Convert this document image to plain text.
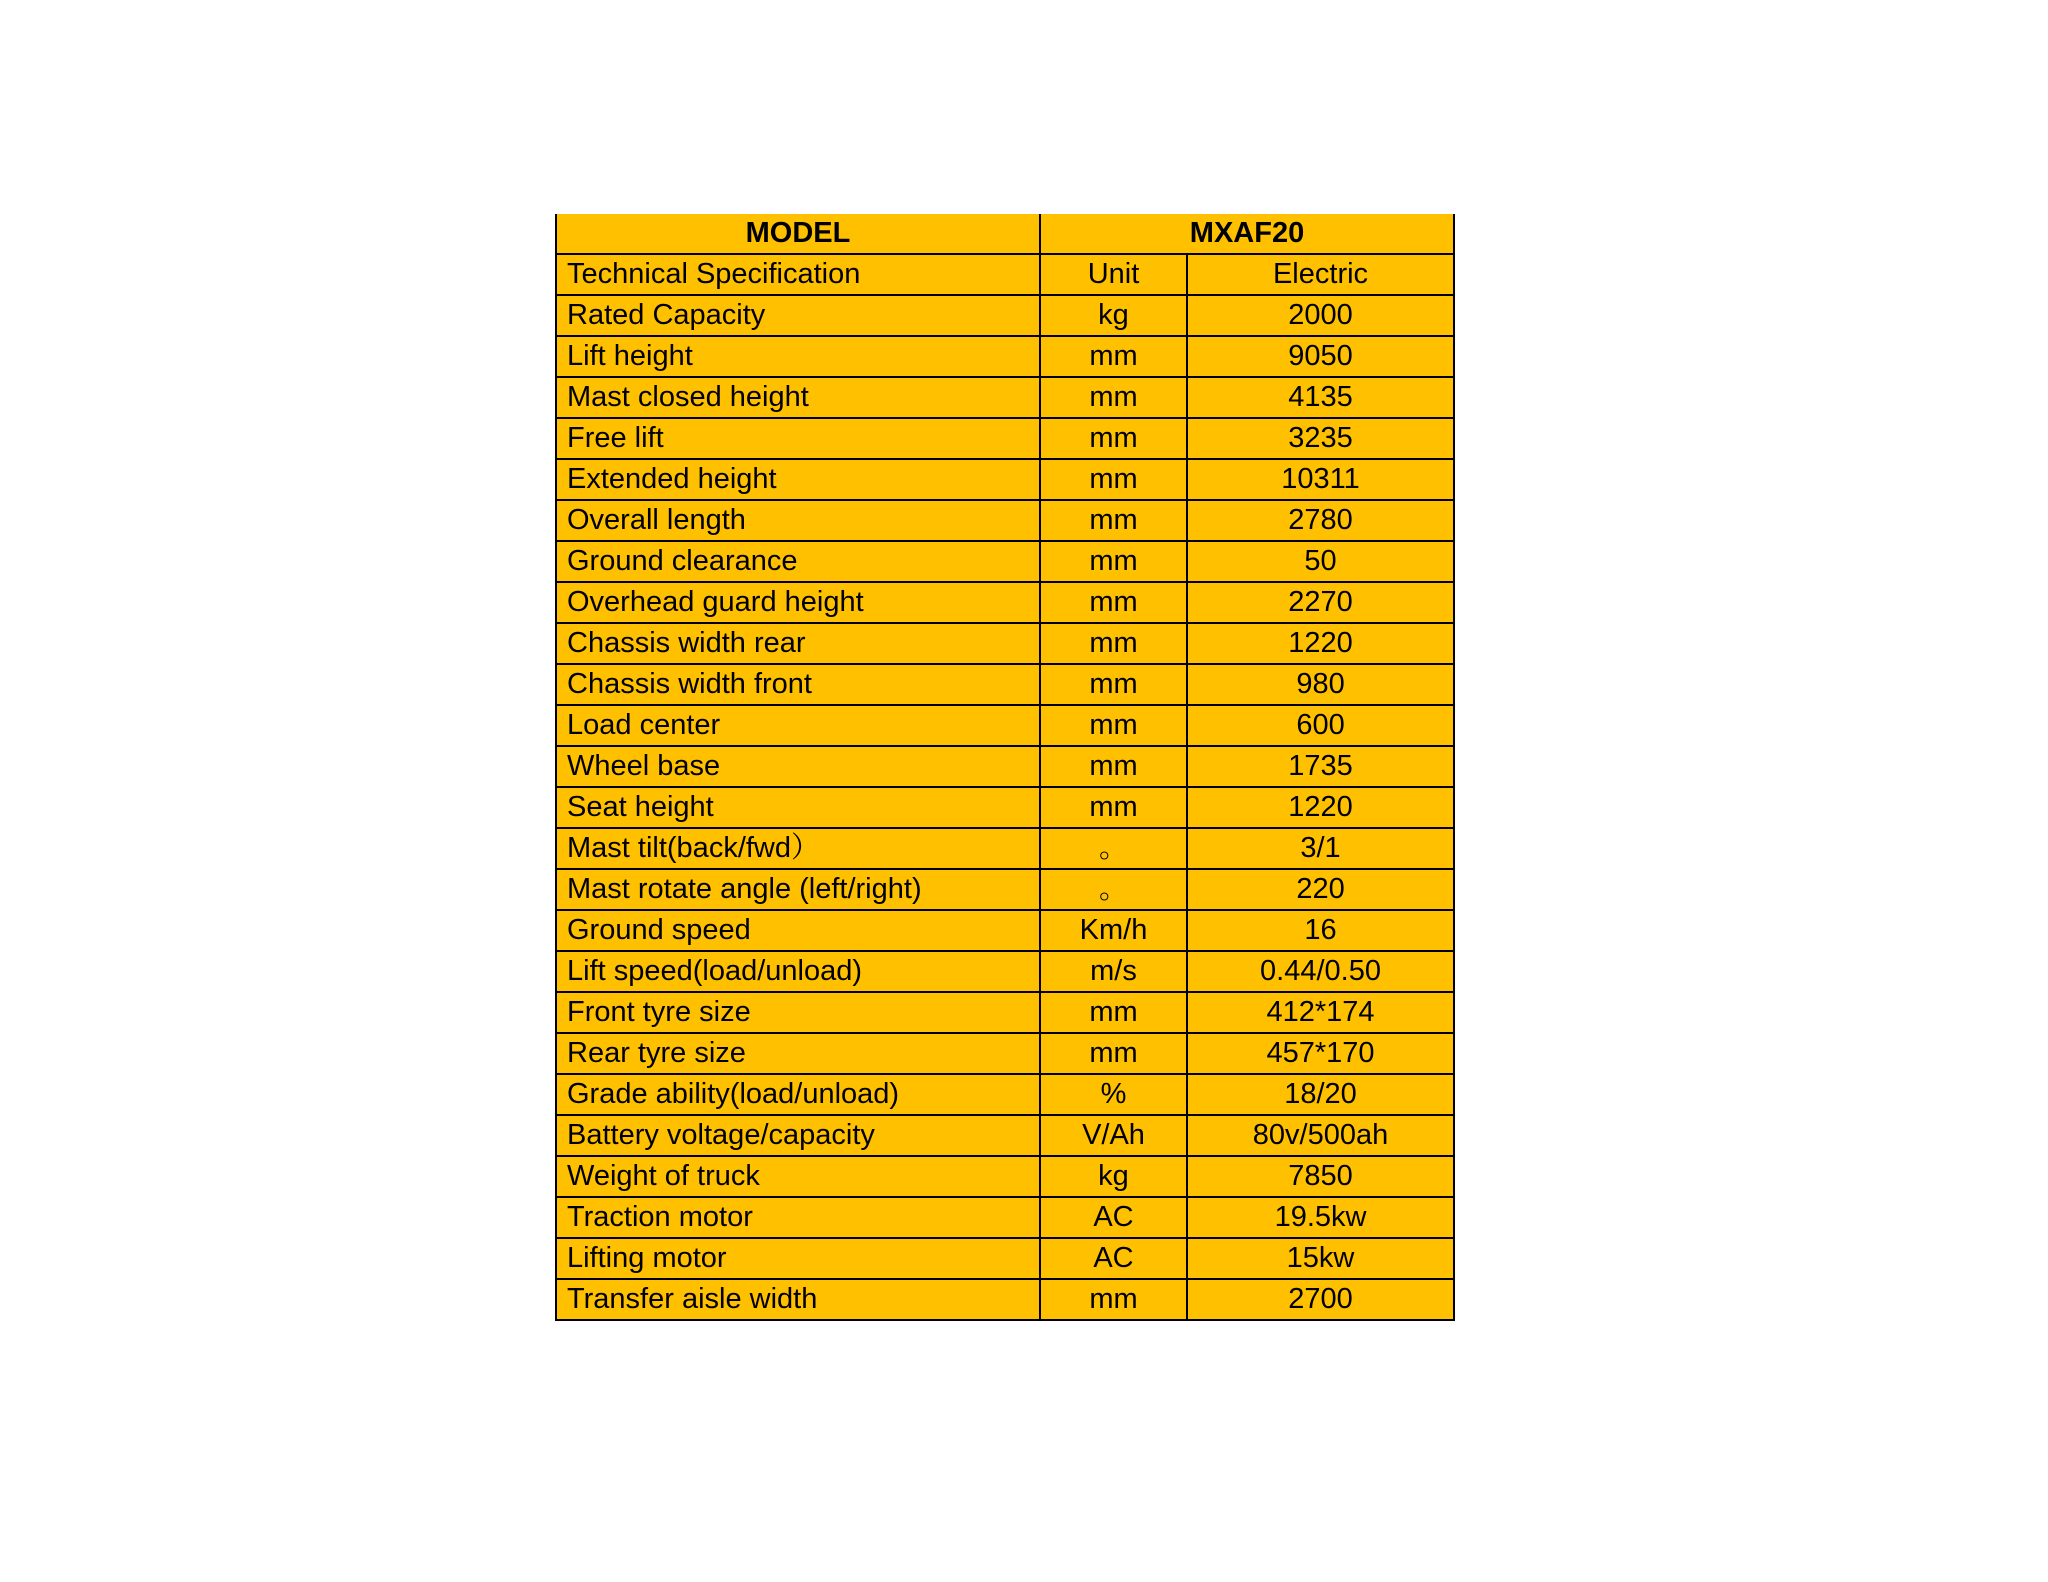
MODEL	MXAF20	
Technical Specification	Unit	Electric
Rated Capacity	kg	2000
Lift height	mm	9050
Mast closed height	mm	4135
Free lift	mm	3235
Extended height	mm	10311
Overall length	mm	2780
Ground clearance	mm	50
Overhead guard height	mm	2270
Chassis width rear	mm	1220
Chassis width front	mm	980
Load center	mm	600
Wheel base	mm	1735
Seat height	mm	1220
Mast tilt(back/fwd）	。	3/1
Mast rotate angle (left/right)	。	220
Ground speed	Km/h	16
Lift speed(load/unload)	m/s	0.44/0.50
Front tyre size	mm	412*174
Rear tyre size	mm	457*170
Grade ability(load/unload)	%	18/20
Battery voltage/capacity	V/Ah	80v/500ah
Weight of truck	kg	7850
Traction motor	AC	19.5kw
Lifting motor	AC	15kw
Transfer aisle width	mm	2700
